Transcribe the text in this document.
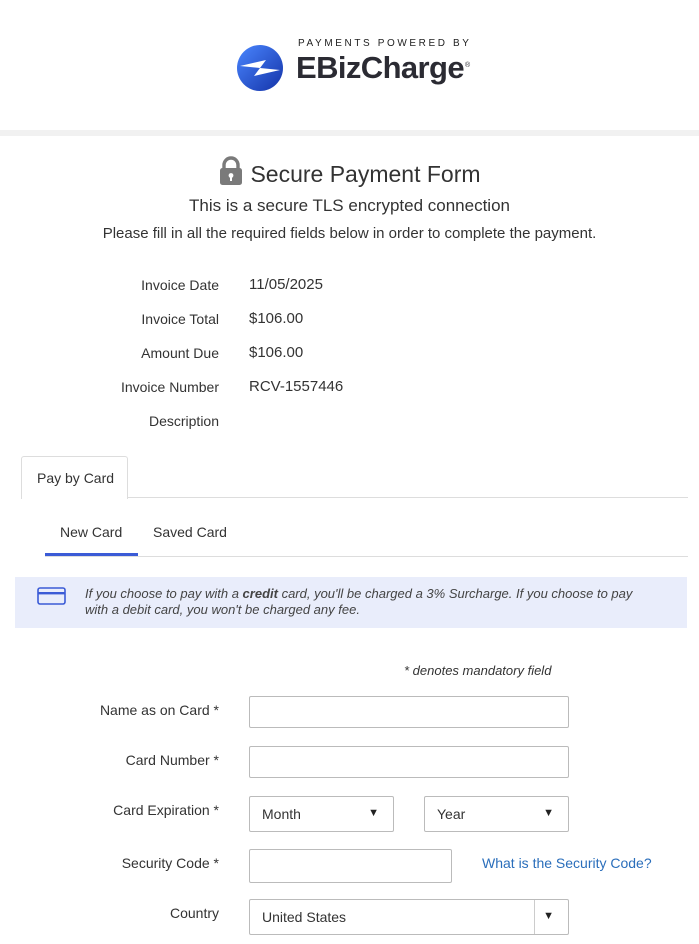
PAYMENTS POWERED BY
EBizCharge®
Secure Payment Form
This is a secure TLS encrypted connection
Please fill in all the required fields below in order to complete the payment.
Invoice Date 11/05/2025
Invoice Total $106.00
Amount Due $106.00
Invoice Number RCV-1557446
Description
Pay by Card
New Card Saved Card
If you choose to pay with a credit card, you'll be charged a 3% Surcharge. If you choose to pay with a debit card, you won't be charged any fee.
* denotes mandatory field
Name as on Card *
Card Number *
Card Expiration *	Month	▼	Year	▼
Security Code *	What is the Security Code?
Country	United States	▼
